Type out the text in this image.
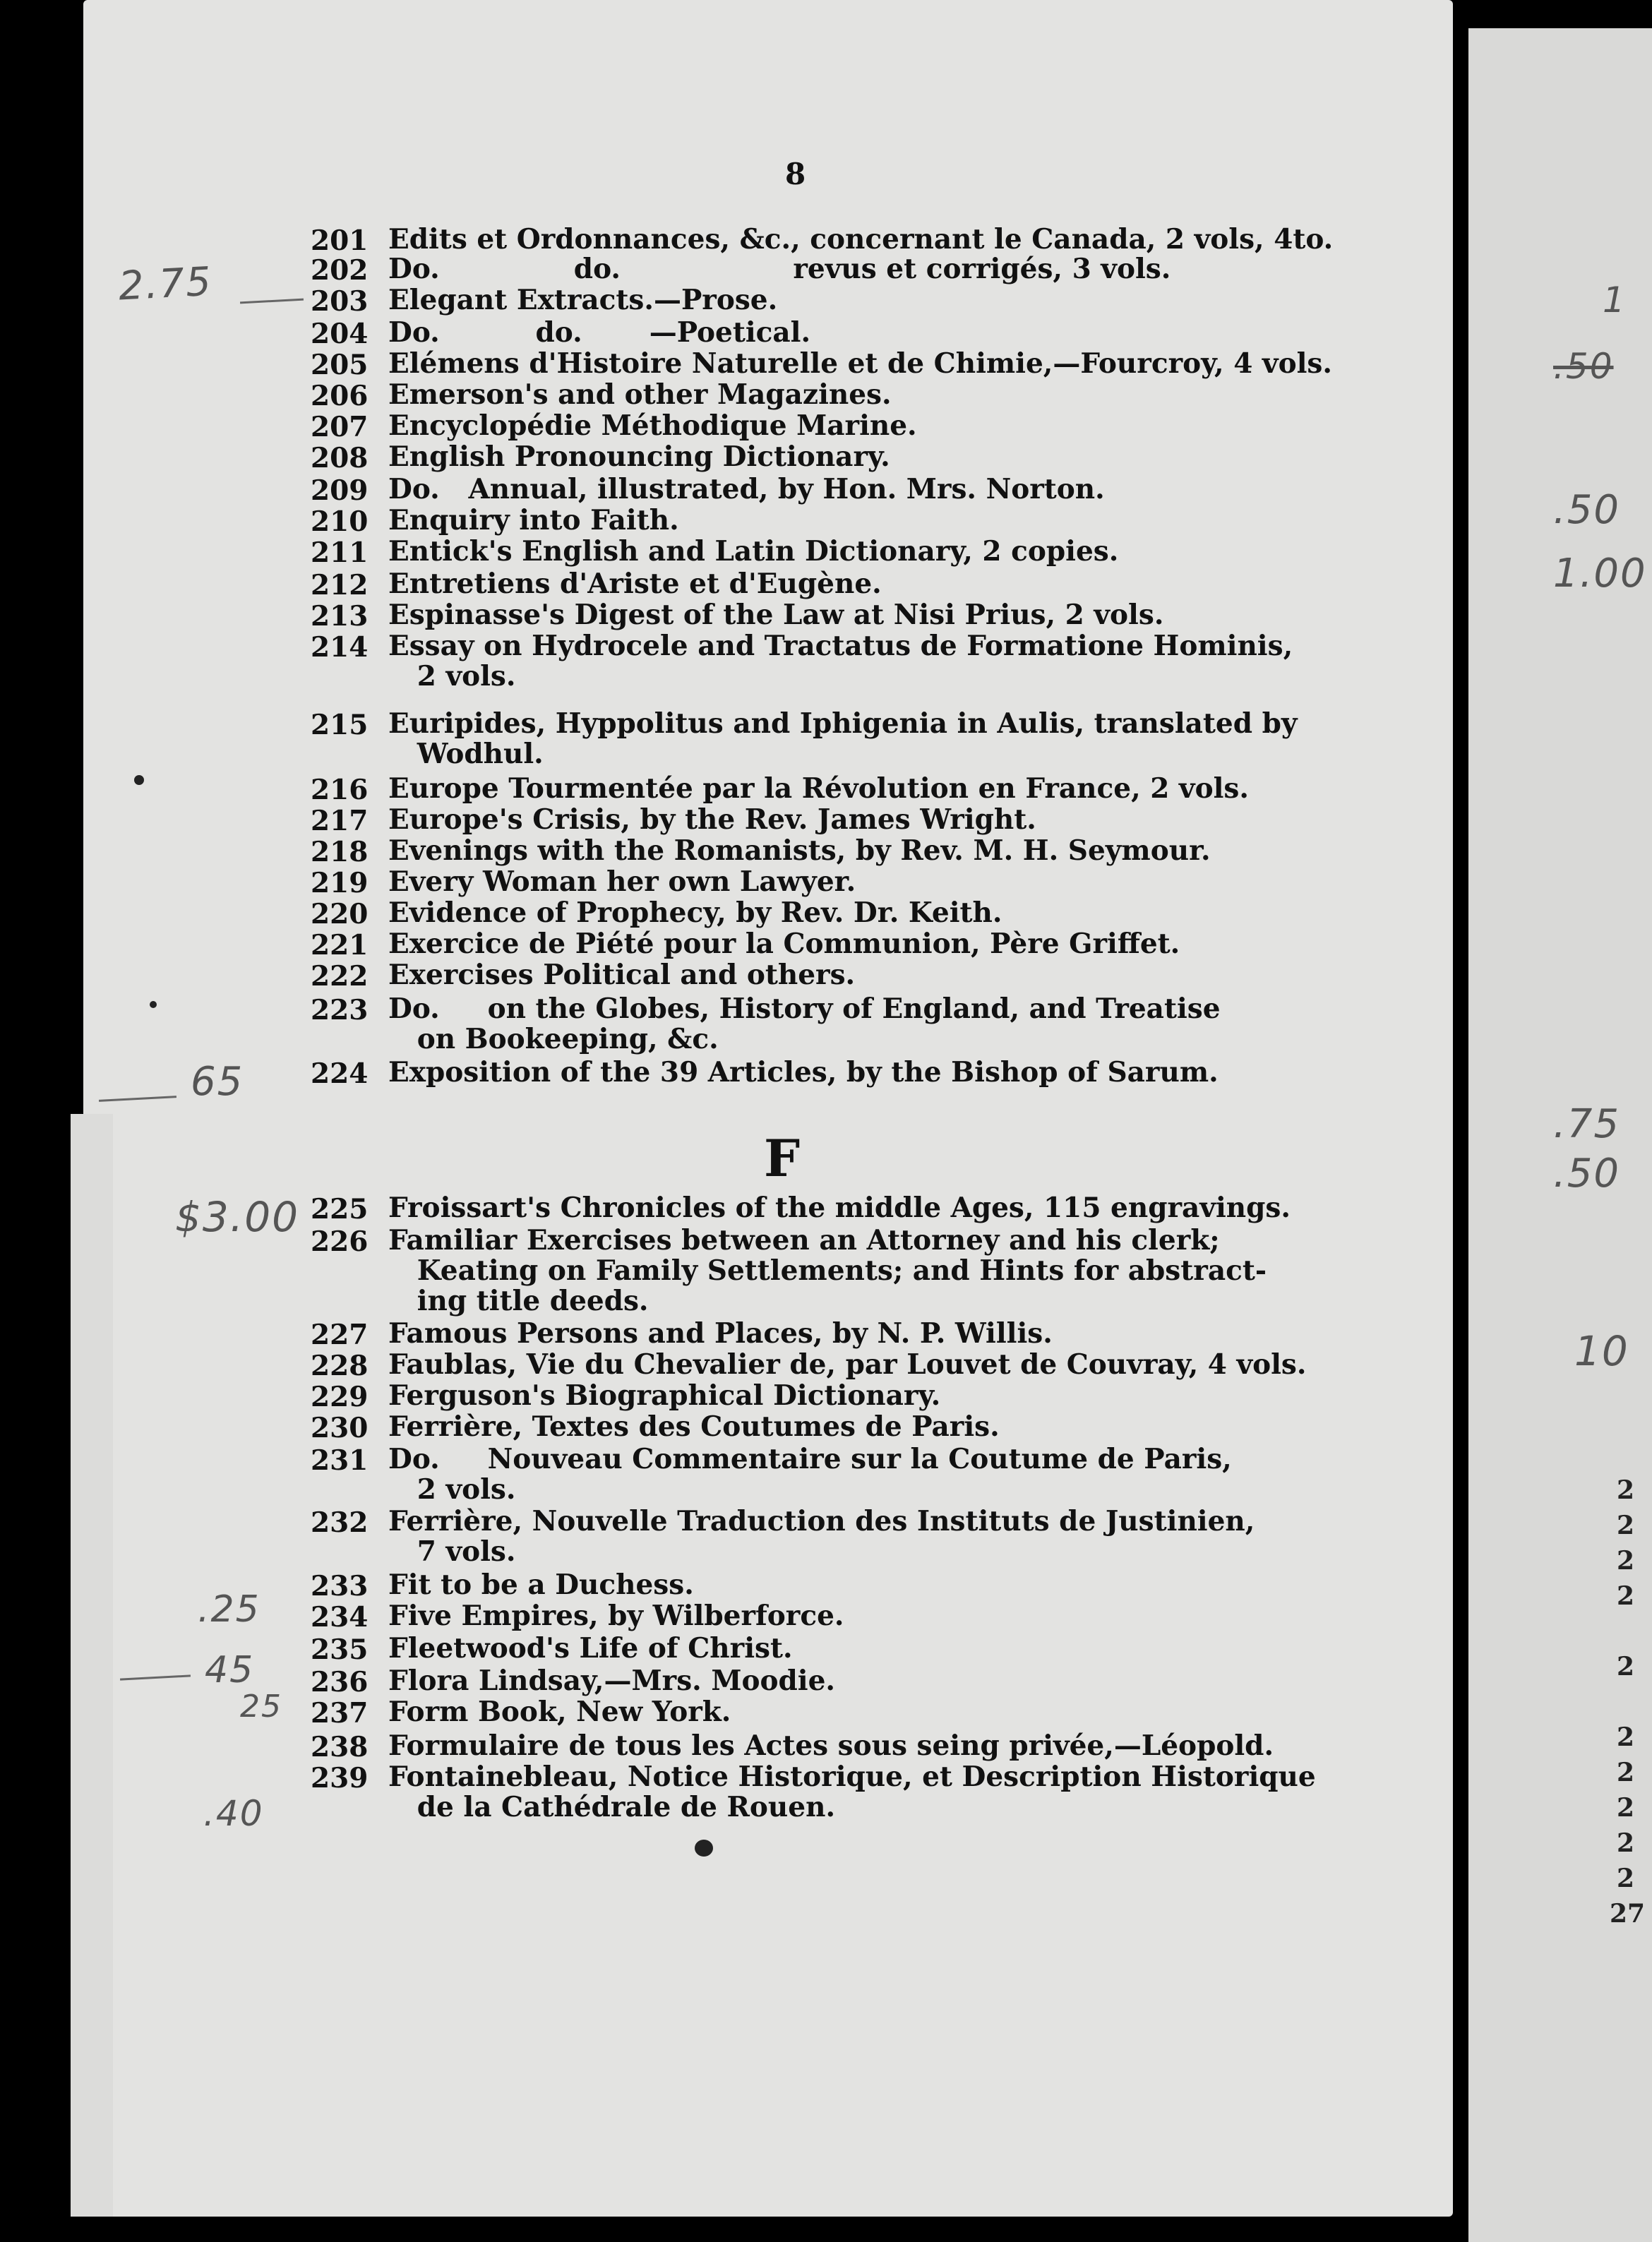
2
2
2
2
2
2
2
2
2
2
27
8
201 Edits et Ordonnances, &c., concernant le Canada, 2 vols, 4to.
202 Do.              do.                  revus et corrigés, 3 vols.
203 Elegant Extracts.—Prose.
204 Do.          do.       —Poetical.
205 Elémens d'Histoire Naturelle et de Chimie,—Fourcroy, 4 vols.
206 Emerson's and other Magazines.
207 Encyclopédie Méthodique Marine.
208 English Pronouncing Dictionary.
209 Do.   Annual, illustrated, by Hon. Mrs. Norton.
210 Enquiry into Faith.
211 Entick's English and Latin Dictionary, 2 copies.
212 Entretiens d'Ariste et d'Eugène.
213 Espinasse's Digest of the Law at Nisi Prius, 2 vols.
214 Essay on Hydrocele and Tractatus de Formatione Hominis,
2 vols.
215 Euripides, Hyppolitus and Iphigenia in Aulis, translated by
Wodhul.
216 Europe Tourmentée par la Révolution en France, 2 vols.
217 Europe's Crisis, by the Rev. James Wright.
218 Evenings with the Romanists, by Rev. M. H. Seymour.
219 Every Woman her own Lawyer.
220 Evidence of Prophecy, by Rev. Dr. Keith.
221 Exercice de Piété pour la Communion, Père Griffet.
222 Exercises Political and others.
223 Do.     on the Globes, History of England, and Treatise
on Bookeeping, &c.
224 Exposition of the 39 Articles, by the Bishop of Sarum.
F
225 Froissart's Chronicles of the middle Ages, 115 engravings.
226 Familiar Exercises between an Attorney and his clerk;
Keating on Family Settlements; and Hints for abstract-
ing title deeds.
227 Famous Persons and Places, by N. P. Willis.
228 Faublas, Vie du Chevalier de, par Louvet de Couvray, 4 vols.
229 Ferguson's Biographical Dictionary.
230 Ferrière, Textes des Coutumes de Paris.
231 Do.     Nouveau Commentaire sur la Coutume de Paris,
2 vols.
232 Ferrière, Nouvelle Traduction des Instituts de Justinien,
7 vols.
233 Fit to be a Duchess.
234 Five Empires, by Wilberforce.
235 Fleetwood's Life of Christ.
236 Flora Lindsay,—Mrs. Moodie.
237 Form Book, New York.
238 Formulaire de tous les Actes sous seing privée,—Léopold.
239 Fontainebleau, Notice Historique, et Description Historique
de la Cathédrale de Rouen.
2.75
65
$3.00
.25
45
25
.40
1
.50
.50
1.00
.75
.50
10
